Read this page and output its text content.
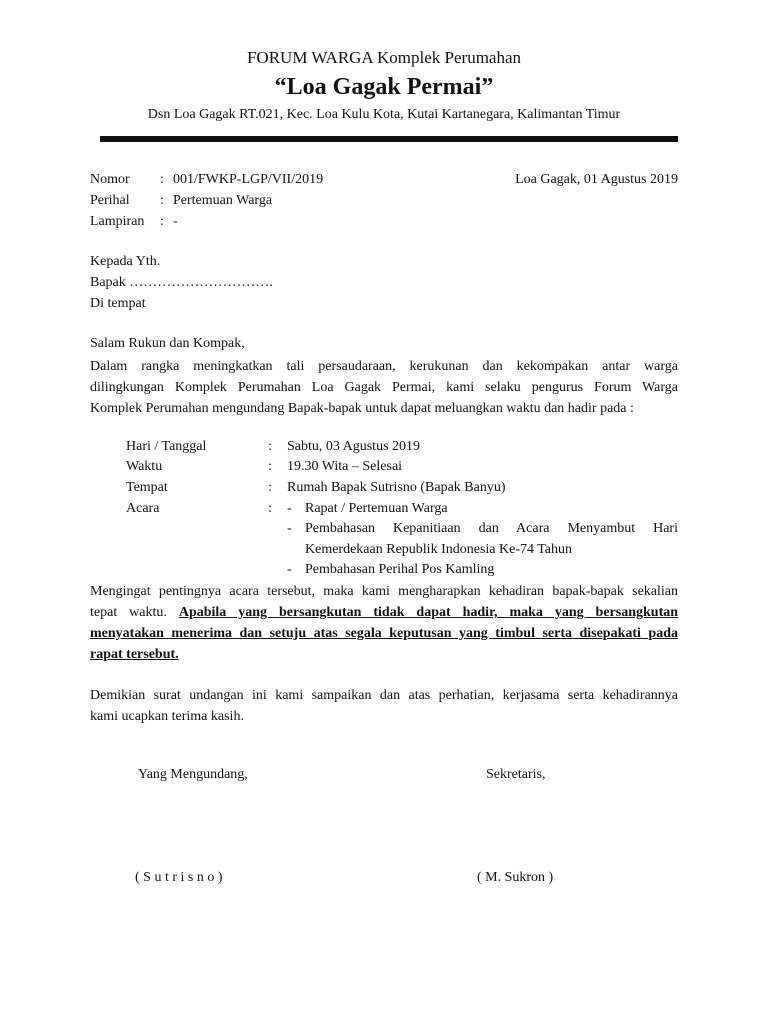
FORUM WARGA Komplek Perumahan
“Loa Gagak Permai”
Dsn Loa Gagak RT.021, Kec. Loa Kulu Kota, Kutai Kartanegara, Kalimantan Timur
Nomor : 001/FWKP-LGP/VII/2019	Loa Gagak, 01 Agustus 2019
Perihal : Pertemuan Warga
Lampiran : -
Kepada Yth.
Bapak ………………………….
Di tempat
Salam Rukun dan Kompak,
Dalam rangka meningkatkan tali persaudaraan, kerukunan dan kekompakan antar warga
dilingkungan Komplek Perumahan Loa Gagak Permai, kami selaku pengurus Forum Warga
Komplek Perumahan mengundang Bapak-bapak untuk dapat meluangkan waktu dan hadir pada :
Hari / Tanggal	: Sabtu, 03 Agustus 2019
Waktu	: 19.30 Wita – Selesai
Tempat	: Rumah Bapak Sutrisno (Bapak Banyu)
Acara	: - Rapat / Pertemuan Warga
- Pembahasan Kepanitiaan dan Acara Menyambut Hari
Kemerdekaan Republik Indonesia Ke-74 Tahun
- Pembahasan Perihal Pos Kamling
Mengingat pentingnya acara tersebut, maka kami mengharapkan kehadiran bapak-bapak sekalian
tepat waktu. Apabila yang bersangkutan tidak dapat hadir, maka yang bersangkutan
menyatakan menerima dan setuju atas segala keputusan yang timbul serta disepakati pada
rapat tersebut.
Demikian surat undangan ini kami sampaikan dan atas perhatian, kerjasama serta kehadirannya
kami ucapkan terima kasih.
Yang Mengundang,	Sekretaris,
( S u t r i s n o )	( M. Sukron )
